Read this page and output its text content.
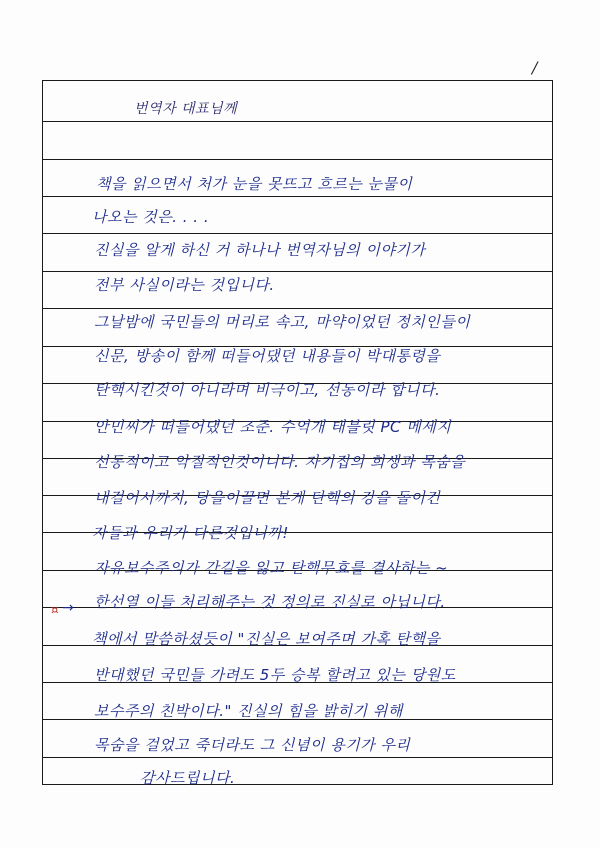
/
번역자 대표님께
책을 읽으면서 처가 눈을 못뜨고 흐르는 눈물이
나오는 것은. . . .
진실을 알게 하신 거 하나나 번역자님의 이야기가
전부 사실이라는 것입니다.
그날밤에 국민들의 머리로 속고, 마약이었던 정치인들이
신문, 방송이 함께 떠들어댔던 내용들이 박대통령을
탄핵시킨것이 아니라며 비극이고, 선동이라 합니다.
안민씨가 떠들어댔던 조준. 수억개 태블릿 PC 메세지
선동적이고 악질적인것이니다. 자기집의 희생과 목숨을
내걸어서까지, 당을이끌면 본게 탄핵의 강을 돌이킨
자들과 우리가 다른것입니까!
자유보수주의가 간길을 잃고 탄핵무효를 결사하는 ~
한선열 이들 처리해주는 것 정의로 진실로 아닙니다.
¤ →
책에서 말씀하셨듯이 "진실은 보여주며 가혹 탄핵을
반대했던 국민들 가려도 5두 승복 할려고 있는 당원도
보수주의 친박이다." 진실의 힘을 밝히기 위해
목숨을 걸었고 죽더라도 그 신념이 용기가 우리
감사드립니다.
